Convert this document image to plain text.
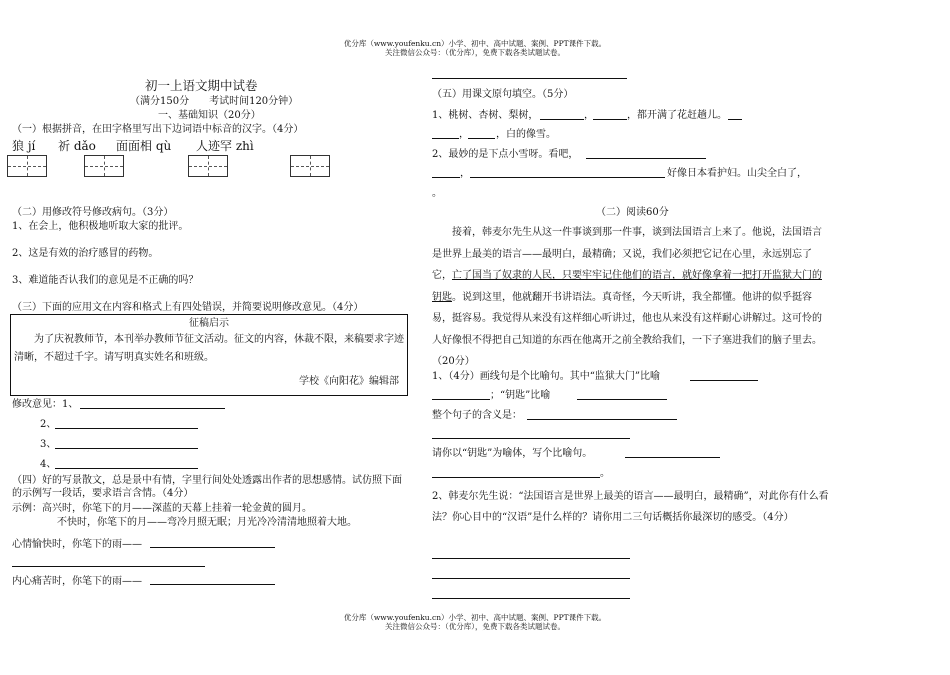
优分库（www.youfenku.cn）小学、初中、高中试题、案例、PPT课件下载。
关注微信公众号：（优分库），免费下载各类试题试卷。
优分库（www.youfenku.cn）小学、初中、高中试题、案例、PPT课件下载。
关注微信公众号：（优分库），免费下载各类试题试卷。
初一上语文期中试卷
（满分150分　　考试时间120分钟）
一、基础知识（20分）
（一）根据拼音，在田字格里写出下边词语中标音的汉字。（4分）
狼 jí 祈 dǎo 面面相 qù 人迹罕 zhì
（二）用修改符号修改病句。（3分）
1、在会上，他积极地听取大家的批评。
2、这是有效的治疗感冒的药物。
3、难道能否认我们的意见是不正确的吗？
（三）下面的应用文在内容和格式上有四处错误，并简要说明修改意见。（4分）
征稿启示
为了庆祝教师节，本刊举办教师节征文活动。征文的内容，休裁不限，来稿要求字迹清晰，不超过千字。请写明真实姓名和班级。
学校《向阳花》编辑部
修改意见：1、
2、
3、
4、
（四）好的写景散文，总是景中有情，字里行间处处透露出作者的思想感情。试仿照下面的示例写一段话，要求语言含情。（4分）
示例：高兴时，你笔下的月——深蓝的天幕上挂着一轮金黄的圆月。
不快时，你笔下的月——弯冷月照无眠；月光冷冷清清地照着大地。
心情愉快时，你笔下的雨——
内心痛苦时，你笔下的雨——
（五）用课文原句填空。（5分）
1、桃树、杏树、梨树，	，	，都开满了花赶趟儿。
，	，白的像雪。
2、最妙的是下点小雪呀。看吧，
，	好像日本看护妇。山尖全白了，
。
（二）阅读60分
接着，韩麦尔先生从这一件事谈到那一件事，谈到法国语言上来了。他说，法国语言是世界上最美的语言——最明白，最精确；又说，我们必须把它记在心里，永远别忘了它，亡了国当了奴隶的人民，只要牢牢记住他们的语言，就好像拿着一把打开监狱大门的钥匙。说到这里，他就翻开书讲语法。真奇怪，今天听讲，我全都懂。他讲的似乎挺容易，挺容易。我觉得从来没有这样细心听讲过，他也从来没有这样耐心讲解过。这可怜的人好像恨不得把自己知道的东西在他离开之前全教给我们，一下子塞进我们的脑子里去。（20分）
1、（4分）画线句是个比喻句。其中“监狱大门”比喻
；“钥匙”比喻
整个句子的含义是：
请你以“钥匙”为喻体，写个比喻句。
。
2、韩麦尔先生说：“法国语言是世界上最美的语言——最明白，最精确”，对此你有什么看法？你心目中的“汉语”是什么样的？请你用二三句话概括你最深切的感受。（4分）
